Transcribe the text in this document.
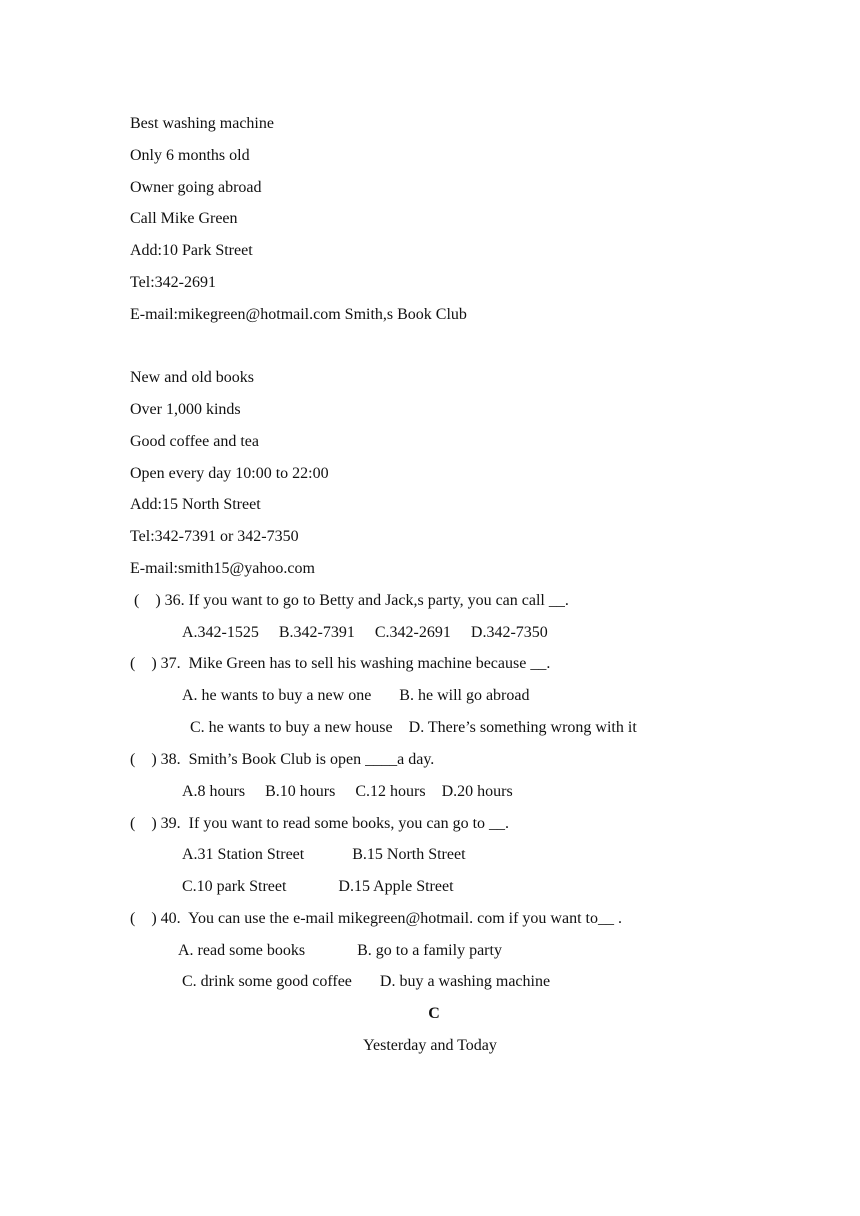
Best washing machine
Only 6 months old
Owner going abroad
Call Mike Green
Add:10 Park Street
Tel:342-2691
E-mail:mikegreen@hotmail.com Smith,s Book Club
New and old books
Over 1,000 kinds
Good coffee and tea
Open every day 10:00 to 22:00
Add:15 North Street
Tel:342-7391 or 342-7350
E-mail:smith15@yahoo.com
(    ) 36. If you want to go to Betty and Jack,s party, you can call __.
A.342-1525     B.342-7391     C.342-2691     D.342-7350
(    ) 37.  Mike Green has to sell his washing machine because __.
A. he wants to buy a new one       B. he will go abroad
C. he wants to buy a new house    D. There’s something wrong with it
(    ) 38.  Smith’s Book Club is open ____a day.
A.8 hours     B.10 hours     C.12 hours    D.20 hours
(    ) 39.  If you want to read some books, you can go to __.
A.31 Station Street            B.15 North Street
C.10 park Street             D.15 Apple Street
(    ) 40.  You can use the e-mail mikegreen@hotmail. com if you want to__ .
A. read some books             B. go to a family party
C. drink some good coffee       D. buy a washing machine
C
Yesterday and Today
